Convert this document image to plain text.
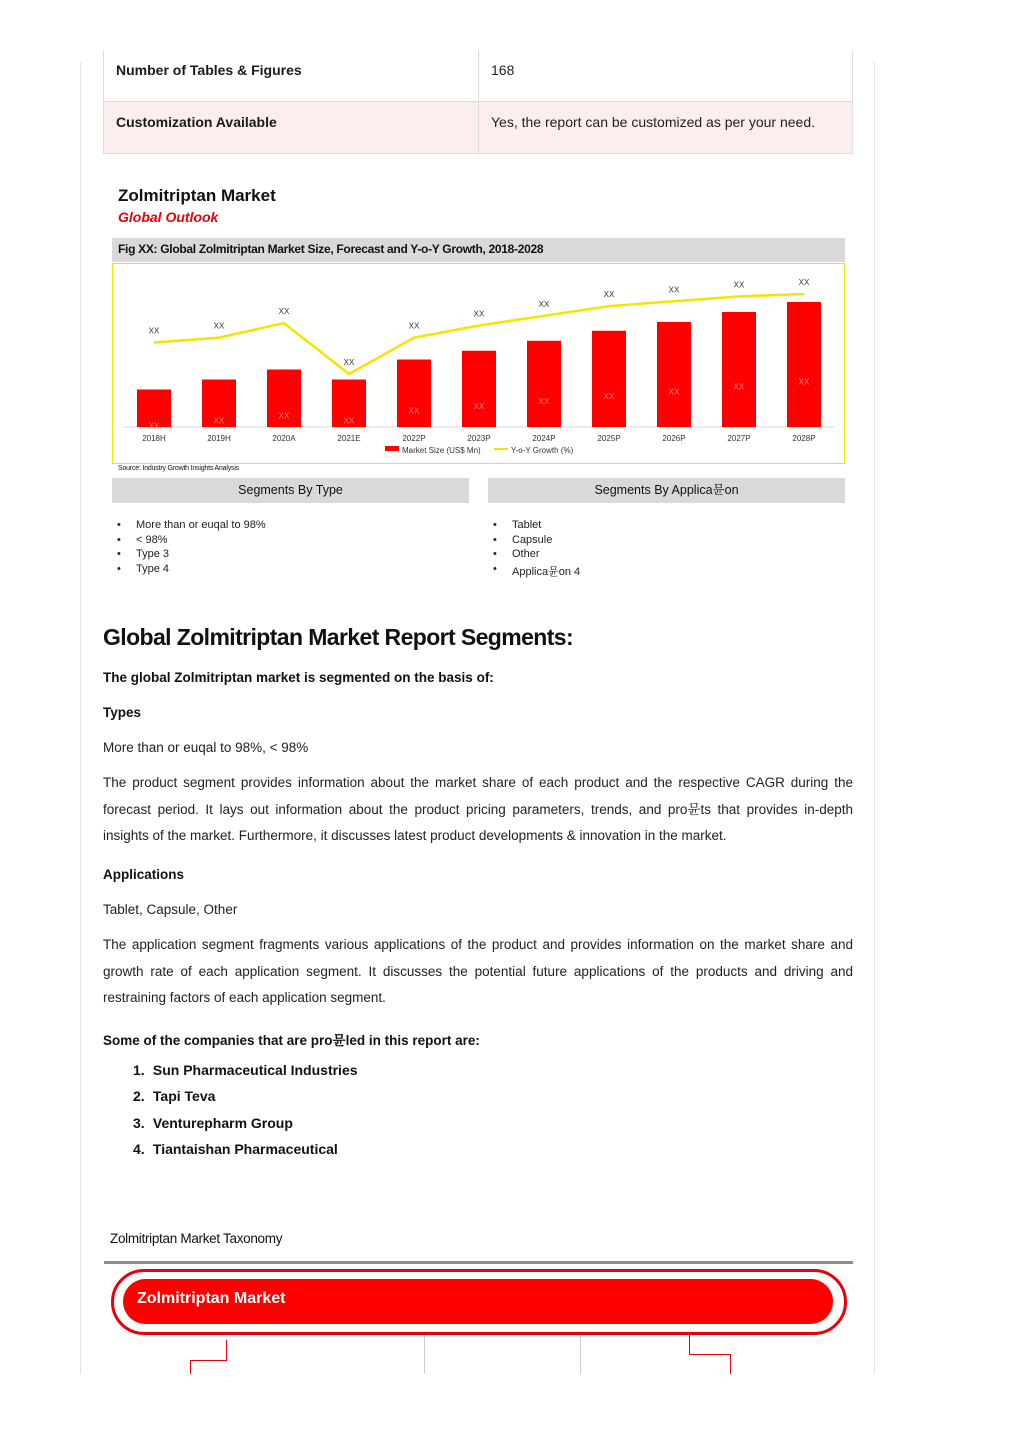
Number of Tables & Figures	168
Customization Available	Yes, the report can be customized as per your need.
Zolmitriptan Market
Global Outlook
Fig XX: Global Zolmitriptan Market Size, Forecast and Y-o-Y Growth, 2018-2028
XX
2018H
XX
2019H
XX
2020A
XX
2021E
XX
2022P
XX
2023P
XX
2024P
XX
2025P
XX
2026P
XX
2027P
XX
2028P
XX
XX
XX
XX
XX
XX
XX
XX
XX
XX	XX
Market Size (US$ Mn)	Y-o-Y Growth (%)
Source: Industry Growth Insights Analysis
Segments By Type	Segments By Applica뮨on
• More than or euqal to 98%
• < 98%
• Type 3
• Type 4
• Tablet
• Capsule
• Other
• Applica뮨on 4
Global Zolmitriptan Market Report Segments:
The global Zolmitriptan market is segmented on the basis of:
Types
More than or euqal to 98%, < 98%
The product segment provides information about the market share of each product and the respective CAGR during the forecast period. It lays out information about the product pricing parameters, trends, and pro뮨ts that provides in-depth insights of the market. Furthermore, it discusses latest product developments & innovation in the market.
Applications
Tablet, Capsule, Other
The application segment fragments various applications of the product and provides information on the market share and growth rate of each application segment. It discusses the potential future applications of the products and driving and restraining factors of each application segment.
Some of the companies that are pro뮨led in this report are:
1. Sun Pharmaceutical Industries
2. Tapi Teva
3. Venturepharm Group
4. Tiantaishan Pharmaceutical
Zolmitriptan Market Taxonomy
Zolmitriptan Market
